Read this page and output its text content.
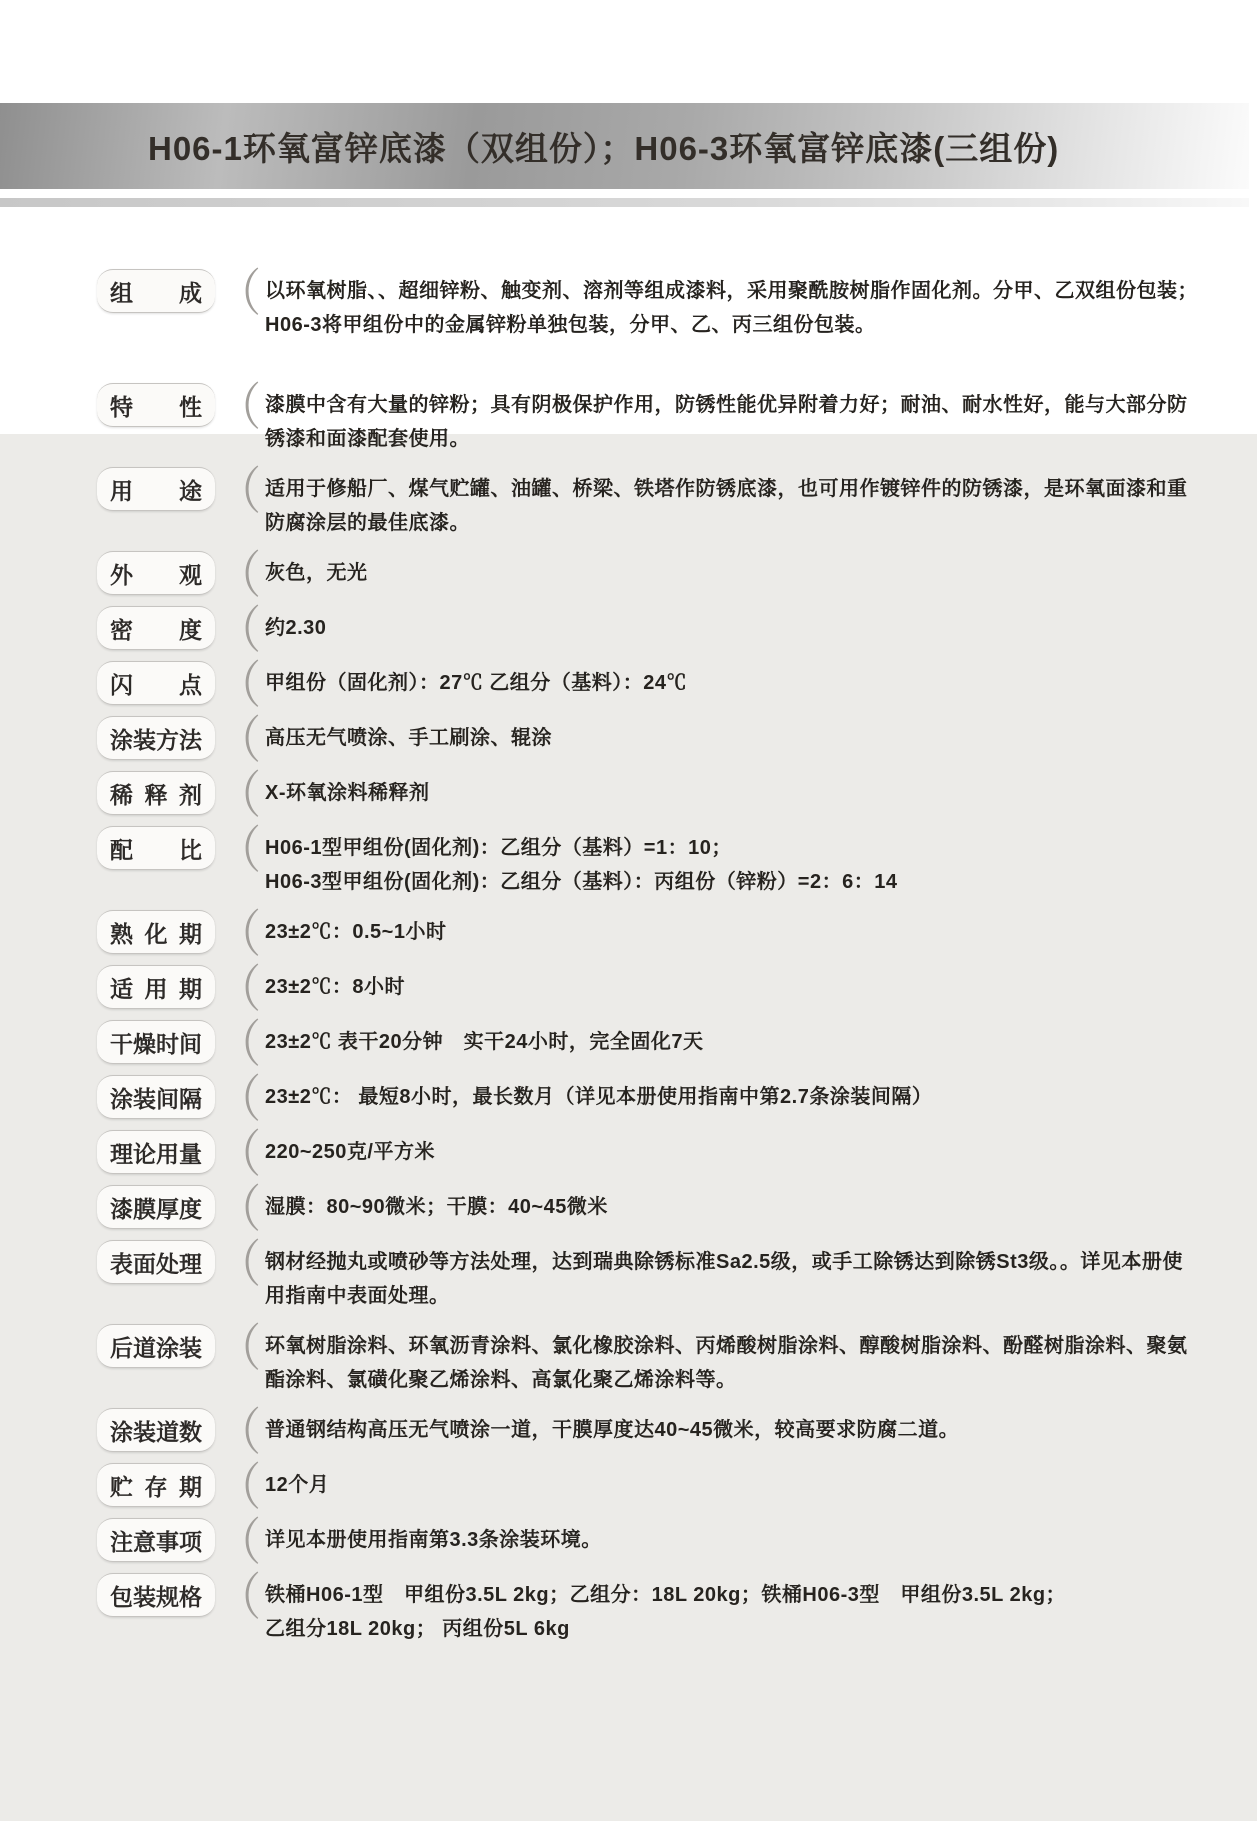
H06-1环氧富锌底漆（双组份）；H06-3环氧富锌底漆(三组份)
组 成 （ 以环氧树脂、、超细锌粉、触变剂、溶剂等组成漆料，采用聚酰胺树脂作固化剂。分甲、乙双组份包装；
H06-3将甲组份中的金属锌粉单独包装，分甲、乙、丙三组份包装。
特 性 （ 漆膜中含有大量的锌粉；具有阴极保护作用，防锈性能优异附着力好；耐油、耐水性好，能与大部分防
锈漆和面漆配套使用。
用 途 （ 适用于修船厂、煤气贮罐、油罐、桥梁、铁塔作防锈底漆，也可用作镀锌件的防锈漆，是环氧面漆和重
防腐涂层的最佳底漆。
外 观 （ 灰色，无光
密 度 （ 约2.30
闪 点 （ 甲组份（固化剂）：27℃ 乙组分（基料）：24℃
涂 装 方 法 （ 高压无气喷涂、手工刷涂、辊涂
稀 释 剂 （ X-环氧涂料稀释剂
配 比 （ H06-1型甲组份(固化剂)：乙组分（基料）=1：10；
H06-3型甲组份(固化剂)：乙组分（基料）：丙组份（锌粉）=2：6：14
熟 化 期 （ 23±2℃：0.5~1小时
适 用 期 （ 23±2℃：8小时
干 燥 时 间 （ 23±2℃ 表干20分钟　实干24小时，完全固化7天
涂 装 间 隔 （ 23±2℃： 最短8小时，最长数月（详见本册使用指南中第2.7条涂装间隔）
理 论 用 量 （ 220~250克/平方米
漆 膜 厚 度 （ 湿膜：80~90微米；干膜：40~45微米
表 面 处 理 （ 钢材经抛丸或喷砂等方法处理，达到瑞典除锈标准Sa2.5级，或手工除锈达到除锈St3级。。详见本册使
用指南中表面处理。
后 道 涂 装 （ 环氧树脂涂料、环氧沥青涂料、氯化橡胶涂料、丙烯酸树脂涂料、醇酸树脂涂料、酚醛树脂涂料、聚氨
酯涂料、氯磺化聚乙烯涂料、高氯化聚乙烯涂料等。
涂 装 道 数 （ 普通钢结构高压无气喷涂一道，干膜厚度达40~45微米，较高要求防腐二道。
贮 存 期 （ 12个月
注 意 事 项 （ 详见本册使用指南第3.3条涂装环境。
包 装 规 格 （ 铁桶H06-1型　甲组份3.5L 2kg；乙组分：18L 20kg；铁桶H06-3型　甲组份3.5L 2kg；
乙组分18L 20kg； 丙组份5L 6kg
